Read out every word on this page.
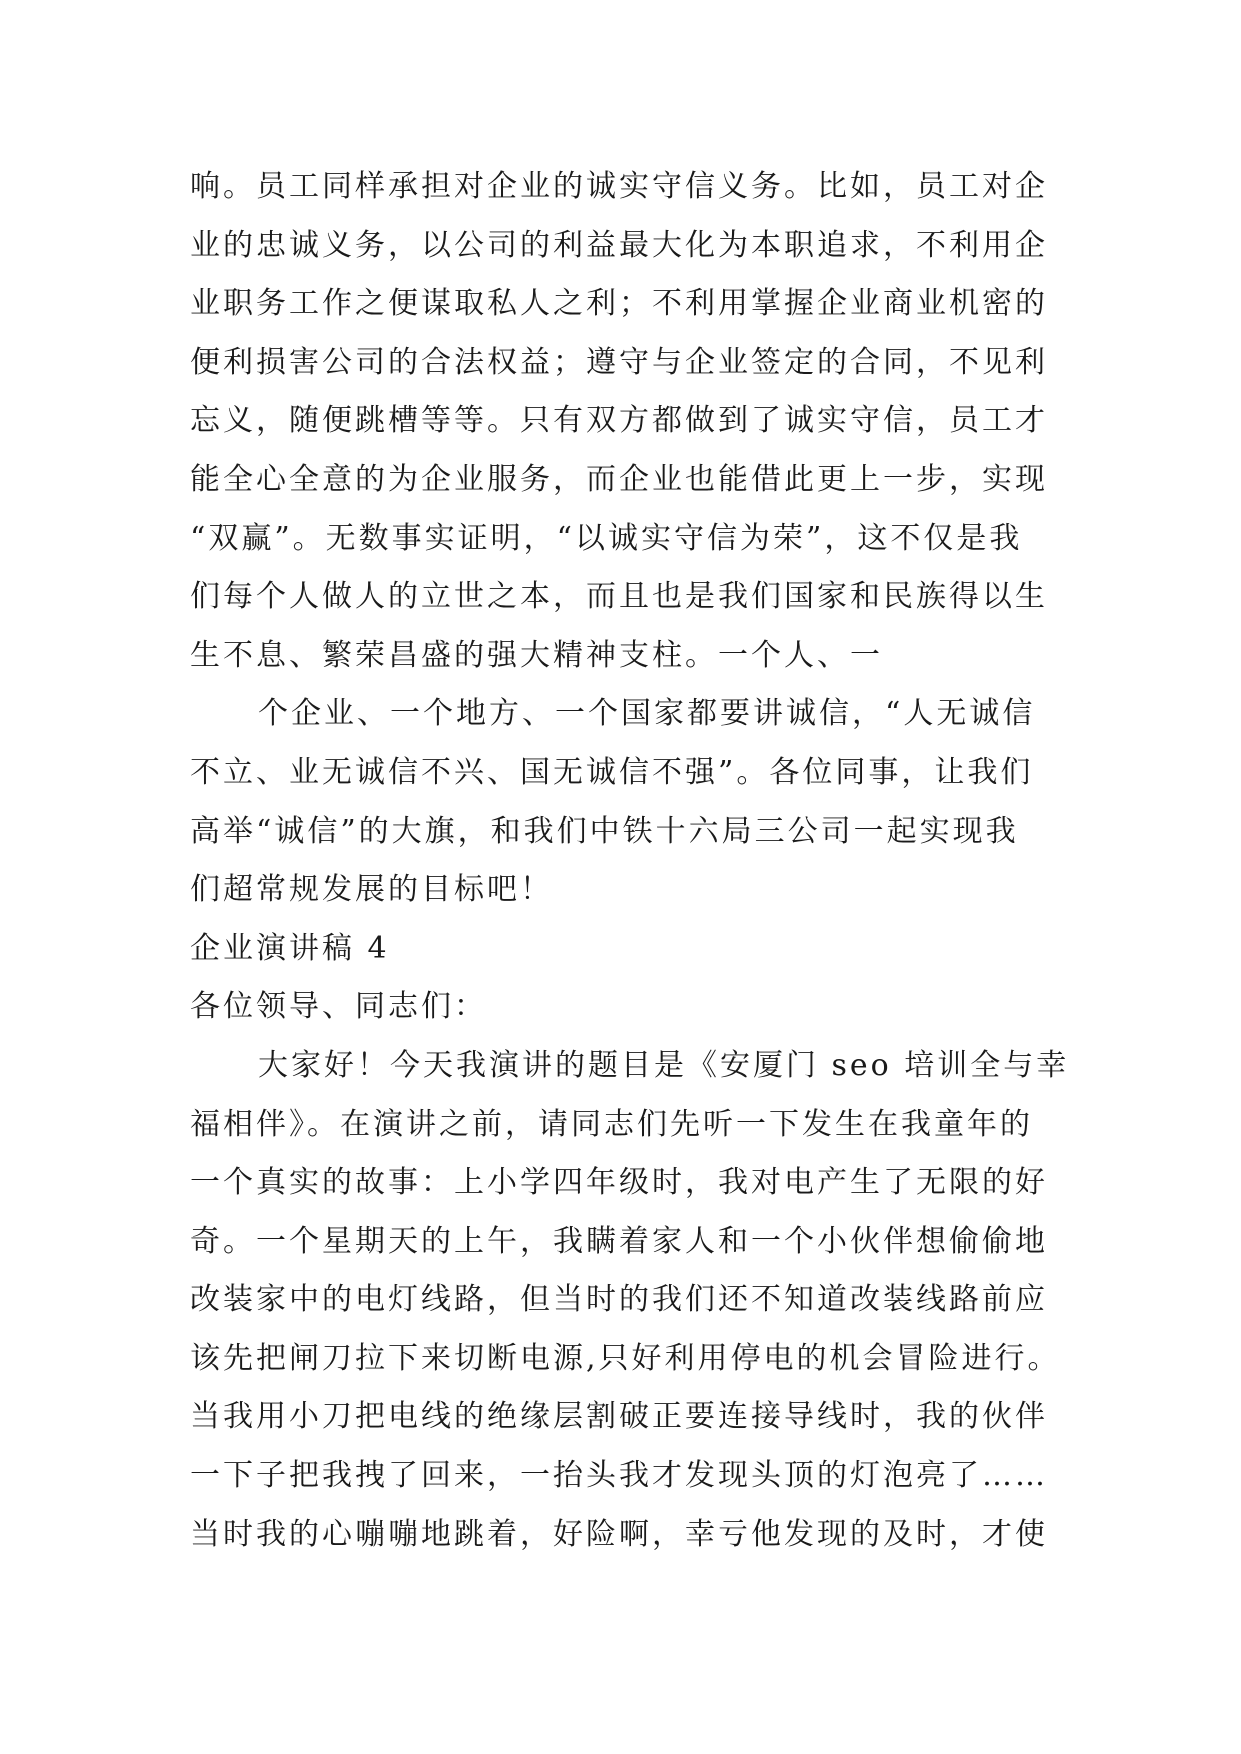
响。员工同样承担对企业的诚实守信义务。比如，员工对企
业的忠诚义务，以公司的利益最大化为本职追求，不利用企
业职务工作之便谋取私人之利；不利用掌握企业商业机密的
便利损害公司的合法权益；遵守与企业签定的合同，不见利
忘义，随便跳槽等等。只有双方都做到了诚实守信，员工才
能全心全意的为企业服务，而企业也能借此更上一步，实现
“双赢”。无数事实证明，“以诚实守信为荣”，这不仅是我
们每个人做人的立世之本，而且也是我们国家和民族得以生
生不息、繁荣昌盛的强大精神支柱。一个人、一
个企业、一个地方、一个国家都要讲诚信，“人无诚信
不立、业无诚信不兴、国无诚信不强”。各位同事，让我们
高举“诚信”的大旗，和我们中铁十六局三公司一起实现我
们超常规发展的目标吧！
企业演讲稿 4
各位领导、同志们：
大家好！今天我演讲的题目是《安厦门 seo 培训全与幸
福相伴》。在演讲之前，请同志们先听一下发生在我童年的
一个真实的故事：上小学四年级时，我对电产生了无限的好
奇。一个星期天的上午，我瞒着家人和一个小伙伴想偷偷地
改装家中的电灯线路，但当时的我们还不知道改装线路前应
该先把闸刀拉下来切断电源,只好利用停电的机会冒险进行。
当我用小刀把电线的绝缘层割破正要连接导线时，我的伙伴
一下子把我拽了回来，一抬头我才发现头顶的灯泡亮了……
当时我的心嘣嘣地跳着，好险啊，幸亏他发现的及时，才使
